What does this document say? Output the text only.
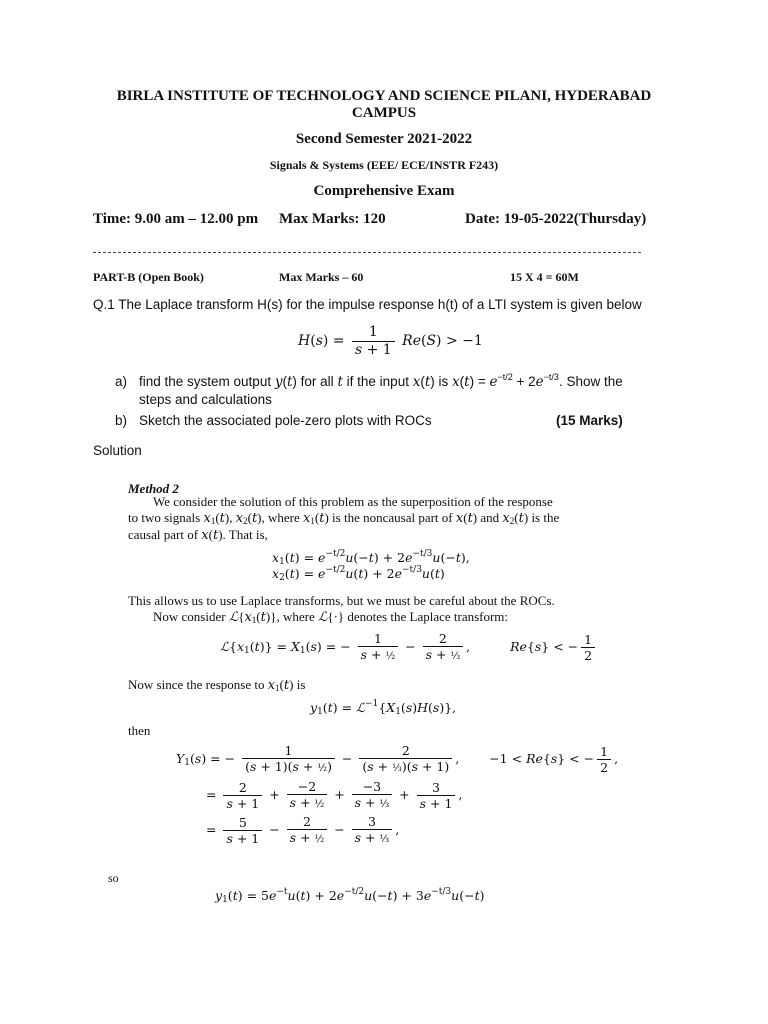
BIRLA INSTITUTE OF TECHNOLOGY AND SCIENCE PILANI, HYDERABAD
CAMPUS
Second Semester 2021-2022
Signals & Systems (EEE/ ECE/INSTR F243)
Comprehensive Exam
Time: 9.00 am – 12.00 pm Max Marks: 120	Date: 19-05-2022(Thursday)
PART-B (Open Book)	Max Marks – 60	15 X 4 = 60M
Q.1 The Laplace transform H(s) for the impulse response h(t) of a LTI system is given below
$H(s) = \frac{1}{s + 1} Re(S) > -1$
a) find the system output y(t) for all t if the input x(t) is $x(t) = e^{-t/2} + 2e^{-t/3}$. Show the
steps and calculations
b) Sketch the associated pole-zero plots with ROCs	(15 Marks)
Solution
Method 2
We consider the solution of this problem as the superposition of the response
to two signals $x_1(t)$, $x_2(t)$, where $x_1(t)$ is the noncausal part of x(t) and $x_2(t)$ is the
causal part of x(t). That is,
$x_1(t) = e^{-t/2}u(-t) + 2e^{-t/3}u(-t)$,
$x_2(t) = e^{-t/2}u(t) + 2e^{-t/3}u(t)$
This allows us to use Laplace transforms, but we must be careful about the ROCs.
Now consider $ℒ\{x_1(t)\}$, where ℒ{·} denotes the Laplace transform:
$ℒ\{x_1(t)\} = X_1(s)$ = − $\frac{1}{\text{s + ½}} - \frac{2}{\text{s + ⅓}}$ ,	Re{s} < − $\frac{1}{2}$
Now since the response to $x_1(t)$ is
$y_1(t)$ = $ℒ^{-1}\{X_1(s)H(s)\}$,
then
$Y_1(s)$ = − $\frac{1}{\text{(s + 1)(s + ½)}} - \frac{2}{\text{(s + ⅓)(s + 1)}}$ , −1 < Re{s} < − $\frac{1}{2}$ ,
= $\frac{2}{s + 1} + \frac{-2}{\text{s + ½}} + \frac{-3}{\text{s + ⅓}} + \frac{3}{s + 1}$ ,
= $\frac{5}{s + 1} - \frac{2}{\text{s + ½}} - \frac{3}{\text{s + ⅓}}$ ,
so
$y_1(t) = 5e^{-t}u(t) + 2e^{-t/2}u(-t) + 3e^{-t/3}u(-t)$
